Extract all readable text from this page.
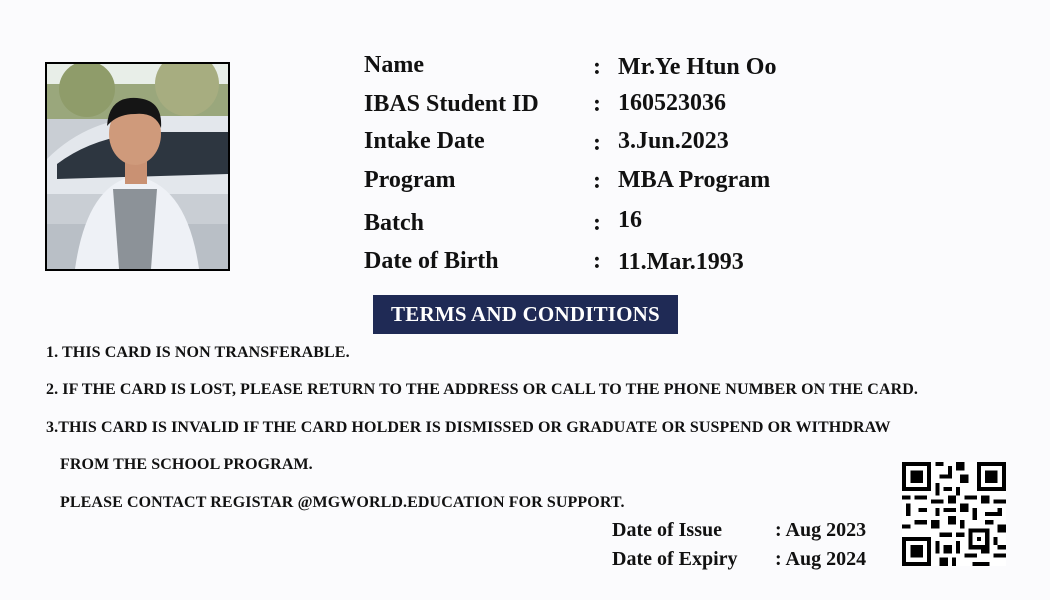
Name	: Mr.Ye Htun Oo
IBAS Student ID : 160523036
Intake Date	: 3.Jun.2023
Program	: MBA Program
Batch	: 16
Date of Birth	: 11.Mar.1993
TERMS AND CONDITIONS
1. THIS CARD IS NON TRANSFERABLE.
2. IF THE CARD IS LOST, PLEASE RETURN TO THE ADDRESS OR CALL TO THE PHONE NUMBER ON THE CARD.
3.THIS CARD IS INVALID IF THE CARD HOLDER IS DISMISSED OR GRADUATE OR SUSPEND OR WITHDRAW
FROM THE SCHOOL PROGRAM.
PLEASE CONTACT REGISTAR @MGWORLD.EDUCATION FOR SUPPORT.
Date of Issue	: Aug 2023
Date of Expiry : Aug 2024
